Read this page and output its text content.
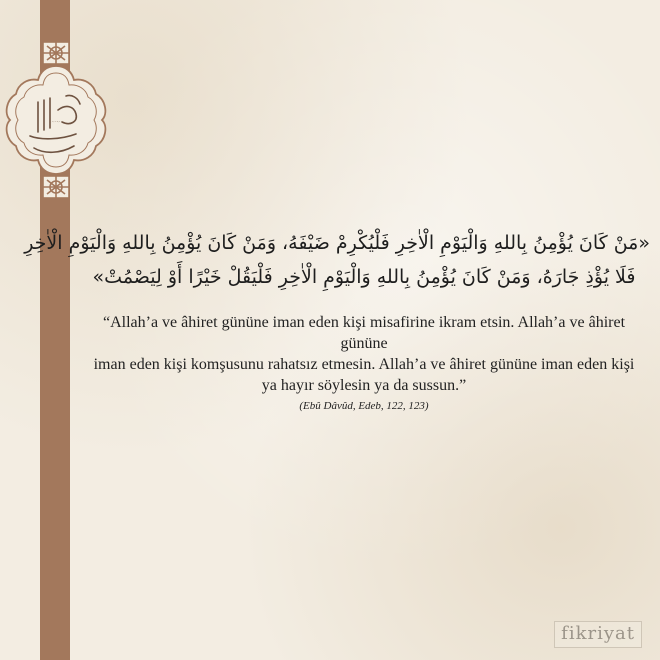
صلى الله عليه وسلم
«مَنْ كَانَ يُؤْمِنُ بِاللهِ وَالْيَوْمِ الْاٰخِرِ فَلْيُكْرِمْ ضَيْفَهُ، وَمَنْ كَانَ يُؤْمِنُ بِاللهِ وَالْيَوْمِ الْاٰخِرِ
فَلَا يُؤْذِ جَارَهُ، وَمَنْ كَانَ يُؤْمِنُ بِاللهِ وَالْيَوْمِ الْاٰخِرِ فَلْيَقُلْ خَيْرًا أَوْ لِيَصْمُتْ»
“Allah’a ve âhiret gününe iman eden kişi misafirine ikram etsin. Allah’a ve âhiret gününe
iman eden kişi komşusunu rahatsız etmesin. Allah’a ve âhiret gününe iman eden kişi
ya hayır söylesin ya da sussun.”
(Ebû Dâvûd, Edeb, 122, 123)
fikriyat
